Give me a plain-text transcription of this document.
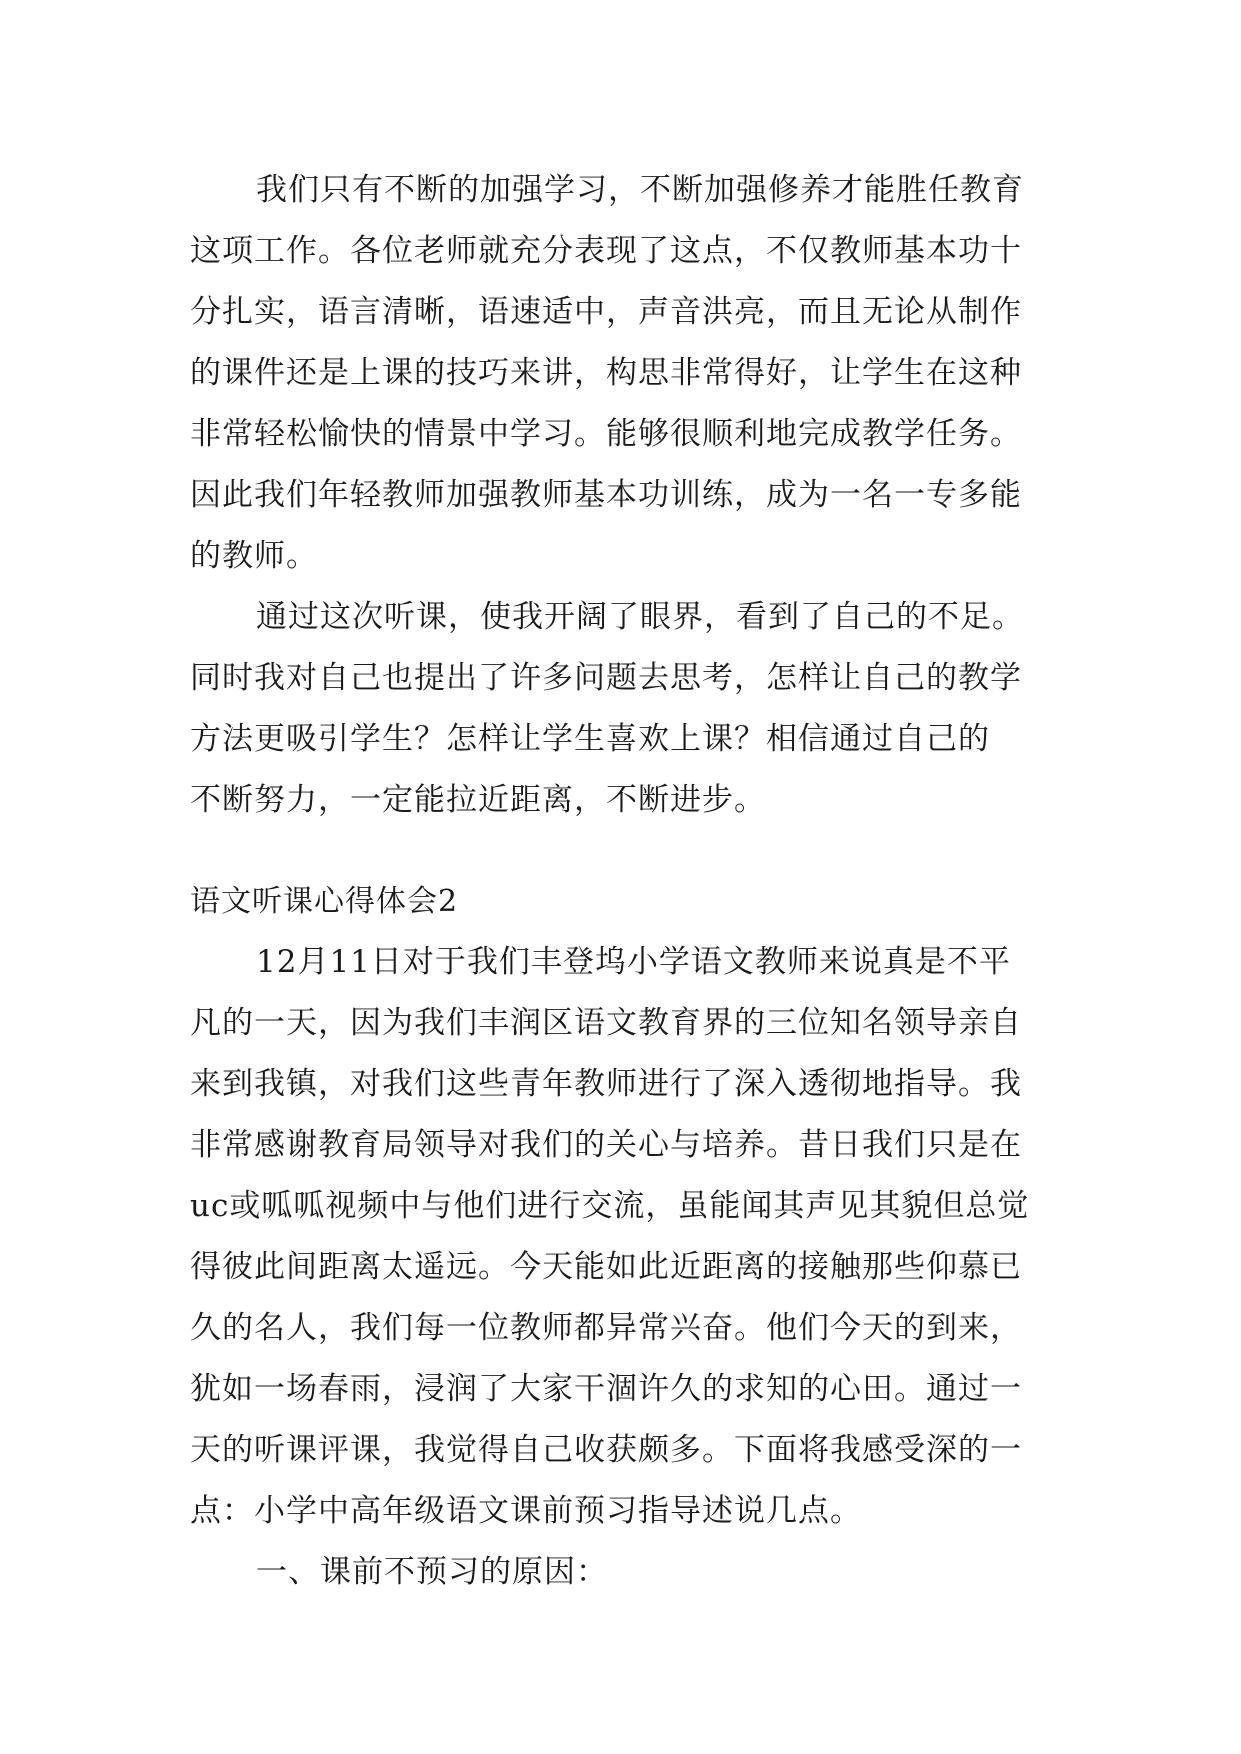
我们只有不断的加强学习，不断加强修养才能胜任教育
这项工作。各位老师就充分表现了这点，不仅教师基本功十
分扎实，语言清晰，语速适中，声音洪亮，而且无论从制作
的课件还是上课的技巧来讲，构思非常得好，让学生在这种
非常轻松愉快的情景中学习。能够很顺利地完成教学任务。
因此我们年轻教师加强教师基本功训练，成为一名一专多能
的教师。
通过这次听课，使我开阔了眼界，看到了自己的不足。
同时我对自己也提出了许多问题去思考，怎样让自己的教学
方法更吸引学生？怎样让学生喜欢上课？相信通过自己的
不断努力，一定能拉近距离，不断进步。
语文听课心得体会2
12月11日对于我们丰登坞小学语文教师来说真是不平
凡的一天，因为我们丰润区语文教育界的三位知名领导亲自
来到我镇，对我们这些青年教师进行了深入透彻地指导。我
非常感谢教育局领导对我们的关心与培养。昔日我们只是在
uc或呱呱视频中与他们进行交流，虽能闻其声见其貌但总觉
得彼此间距离太遥远。今天能如此近距离的接触那些仰慕已
久的名人，我们每一位教师都异常兴奋。他们今天的到来，
犹如一场春雨，浸润了大家干涸许久的求知的心田。通过一
天的听课评课，我觉得自己收获颇多。下面将我感受深的一
点：小学中高年级语文课前预习指导述说几点。
一、课前不预习的原因：
